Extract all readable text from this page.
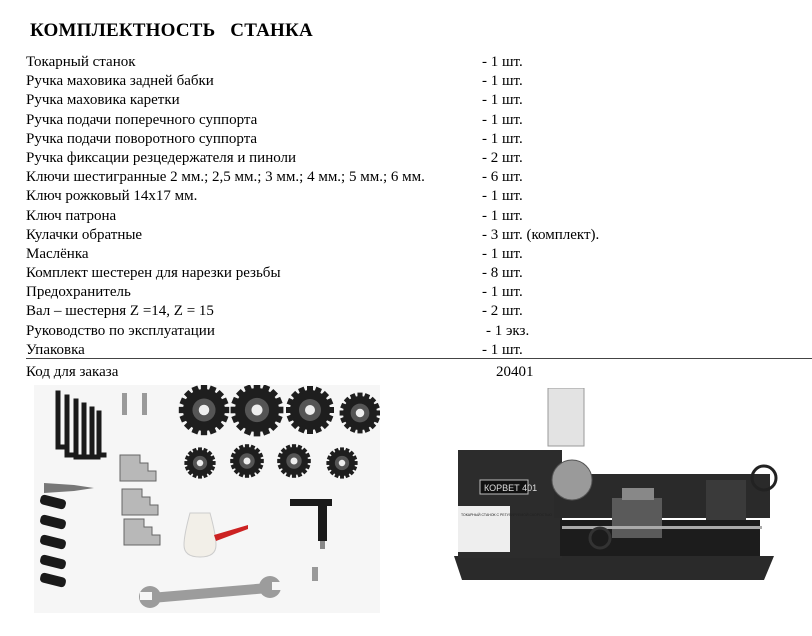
КОМПЛЕКТНОСТЬ   СТАНКА
Токарный станок	- 1 шт.
Ручка маховика задней бабки	- 1 шт.
Ручка маховика каретки	- 1 шт.
Ручка подачи поперечного суппорта	- 1 шт.
Ручка подачи поворотного суппорта	- 1 шт.
Ручка фиксации резцедержателя и пиноли	- 2 шт.
Ключи шестигранные 2 мм.; 2,5 мм.; 3 мм.; 4 мм.; 5 мм.; 6 мм.	- 6 шт.
Ключ рожковый 14x17 мм.	- 1 шт.
Ключ патрона	- 1 шт.
Кулачки обратные	- 3 шт. (комплект).
Маслёнка	- 1 шт.
Комплект шестерен для нарезки резьбы	- 8 шт.
Предохранитель	- 1 шт.
Вал – шестерня Z =14, Z = 15	- 2 шт.
Руководство по эксплуатации	- 1 экз.
Упаковка	- 1 шт.
Код для заказа	20401
КОРВЕТ 401
ТОКАРНЫЙ СТАНОК С РЕГУЛИРУЕМОЙ СКОРОСТЬЮ
